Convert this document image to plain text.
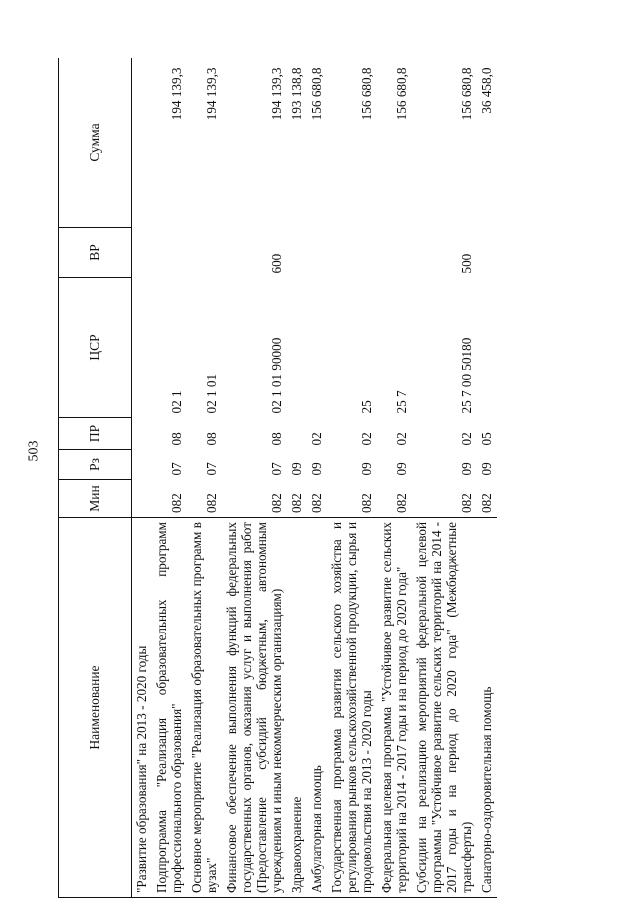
503
Наименование	Мин	Рз	ПР	ЦСР	ВР	Сумма
"Развитие образования" на 2013 - 2020 годы						
Подпрограмма "Реализация образовательных программ профессионального образования"	082	07	08	02 1		194 139,3
Основное мероприятие "Реализация образовательных программ в вузах"	082	07	08	02 1 01		194 139,3
Финансовое обеспечение выполнения функций федеральных государственных органов, оказания услуг и выполнения работ (Предоставление субсидий бюджетным, автономным учреждениям и иным некоммерческим организациям)	082	07	08	02 1 01 90000	600	194 139,3
Здравоохранение	082	09				193 138,8
Амбулаторная помощь	082	09	02			156 680,8
Государственная программа развития сельского хозяйства и регулирования рынков сельскохозяйственной продукции, сырья и продовольствия на 2013 - 2020 годы	082	09	02	25		156 680,8
Федеральная целевая программа "Устойчивое развитие сельских территорий на 2014 - 2017 годы и на период до 2020 года"	082	09	02	25 7		156 680,8
Субсидии на реализацию мероприятий федеральной целевой программы "Устойчивое развитие сельских территорий на 2014 - 2017 годы и на период до 2020 года" (Межбюджетные трансферты)	082	09	02	25 7 00 50180	500	156 680,8
Санаторно-оздоровительная помощь	082	09	05			36 458,0
